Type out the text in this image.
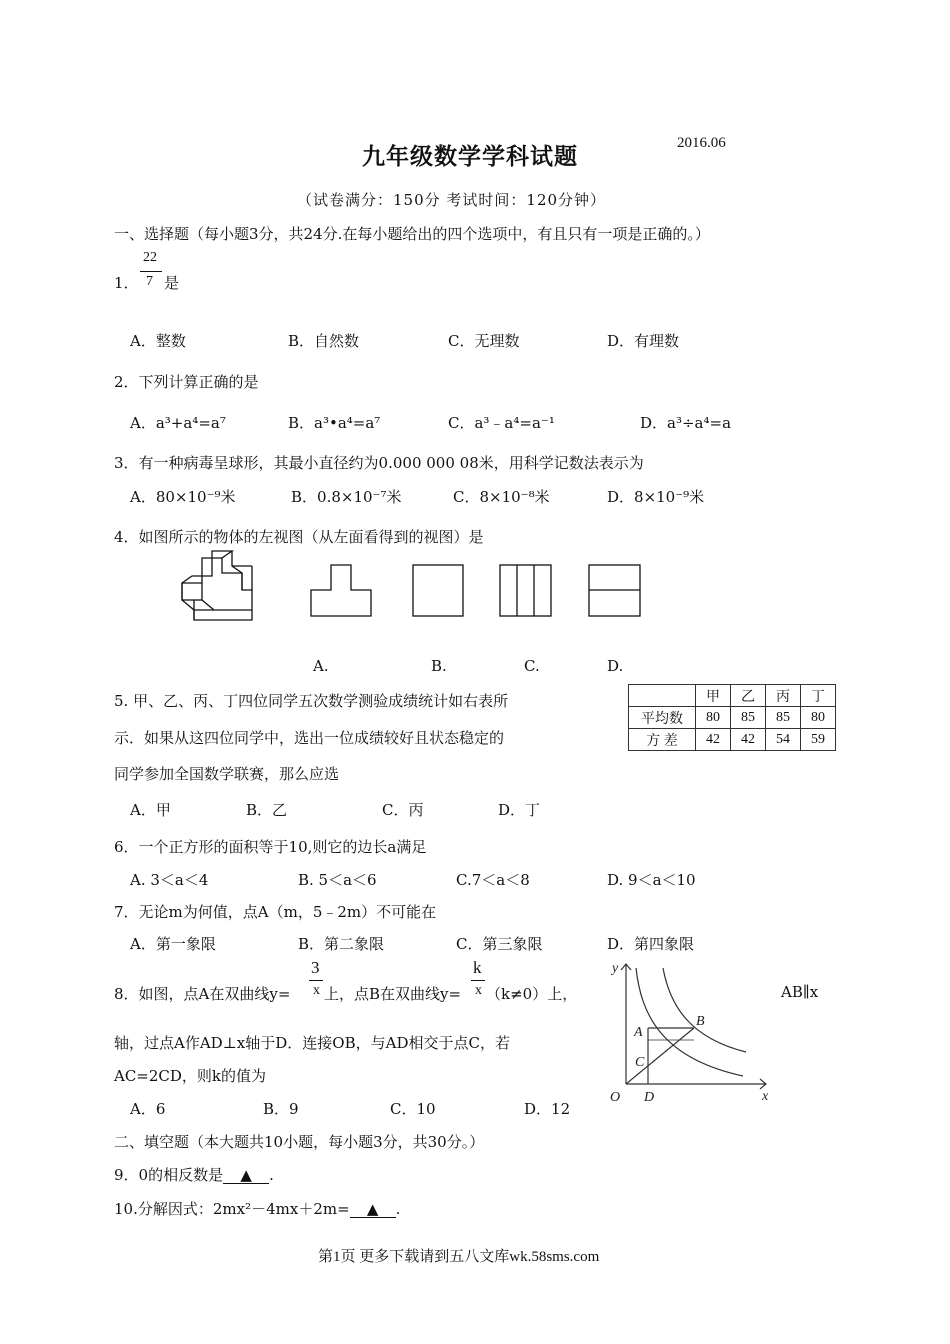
九年级数学学科试题	2016.06
（试卷满分：150分 考试时间：120分钟）
一、选择题（每小题3分，共24分.在每小题给出的四个选项中，有且只有一项是正确的。）
22
1． 7 是
A．整数	B．自然数	C．无理数	D．有理数
2．下列计算正确的是
A．a³+a⁴=a⁷	B．a³•a⁴=a⁷	C．a³﹣a⁴=a⁻¹	D．a³÷a⁴=a
3．有一种病毒呈球形，其最小直径约为0.000 000 08米，用科学记数法表示为
A．80×10⁻⁹米	B．0.8×10⁻⁷米	C．8×10⁻⁸米	D．8×10⁻⁹米
4．如图所示的物体的左视图（从左面看得到的视图）是
A.	B.	C.	D.
5. 甲、乙、丙、丁四位同学五次数学测验成绩统计如右表所
示．如果从这四位同学中，选出一位成绩较好且状态稳定的
同学参加全国数学联赛，那么应选
A．甲	B．乙	C．丙	D．丁
	甲	乙	丙	丁
平均数	80	85	85	80
方 差	42	42	54	59
6．一个正方形的面积等于10,则它的边长a满足
A. 3＜a＜4	B. 5＜a＜6	C.7＜a＜8	D. 9＜a＜10
7．无论m为何值，点A（m，5﹣2m）不可能在
A．第一象限	B．第二象限	C．第三象限	D．第四象限
8．如图，点A在双曲线y=
3
x 上，点B在双曲线y=
k
x （k≠0）上，	AB∥x
轴，过点A作AD⊥x轴于D．连接OB，与AD相交于点C，若
AC=2CD，则k的值为
A．6	B．9	C．10	D．12
y
x
O
A
B
C
D
二、填空题（本大题共10小题，每小题3分，共30分。）
9．0的相反数是 ▲ .
10.分解因式：2mx²－4mx＋2m= ▲ .
第1页 更多下载请到五八文库wk.58sms.com
